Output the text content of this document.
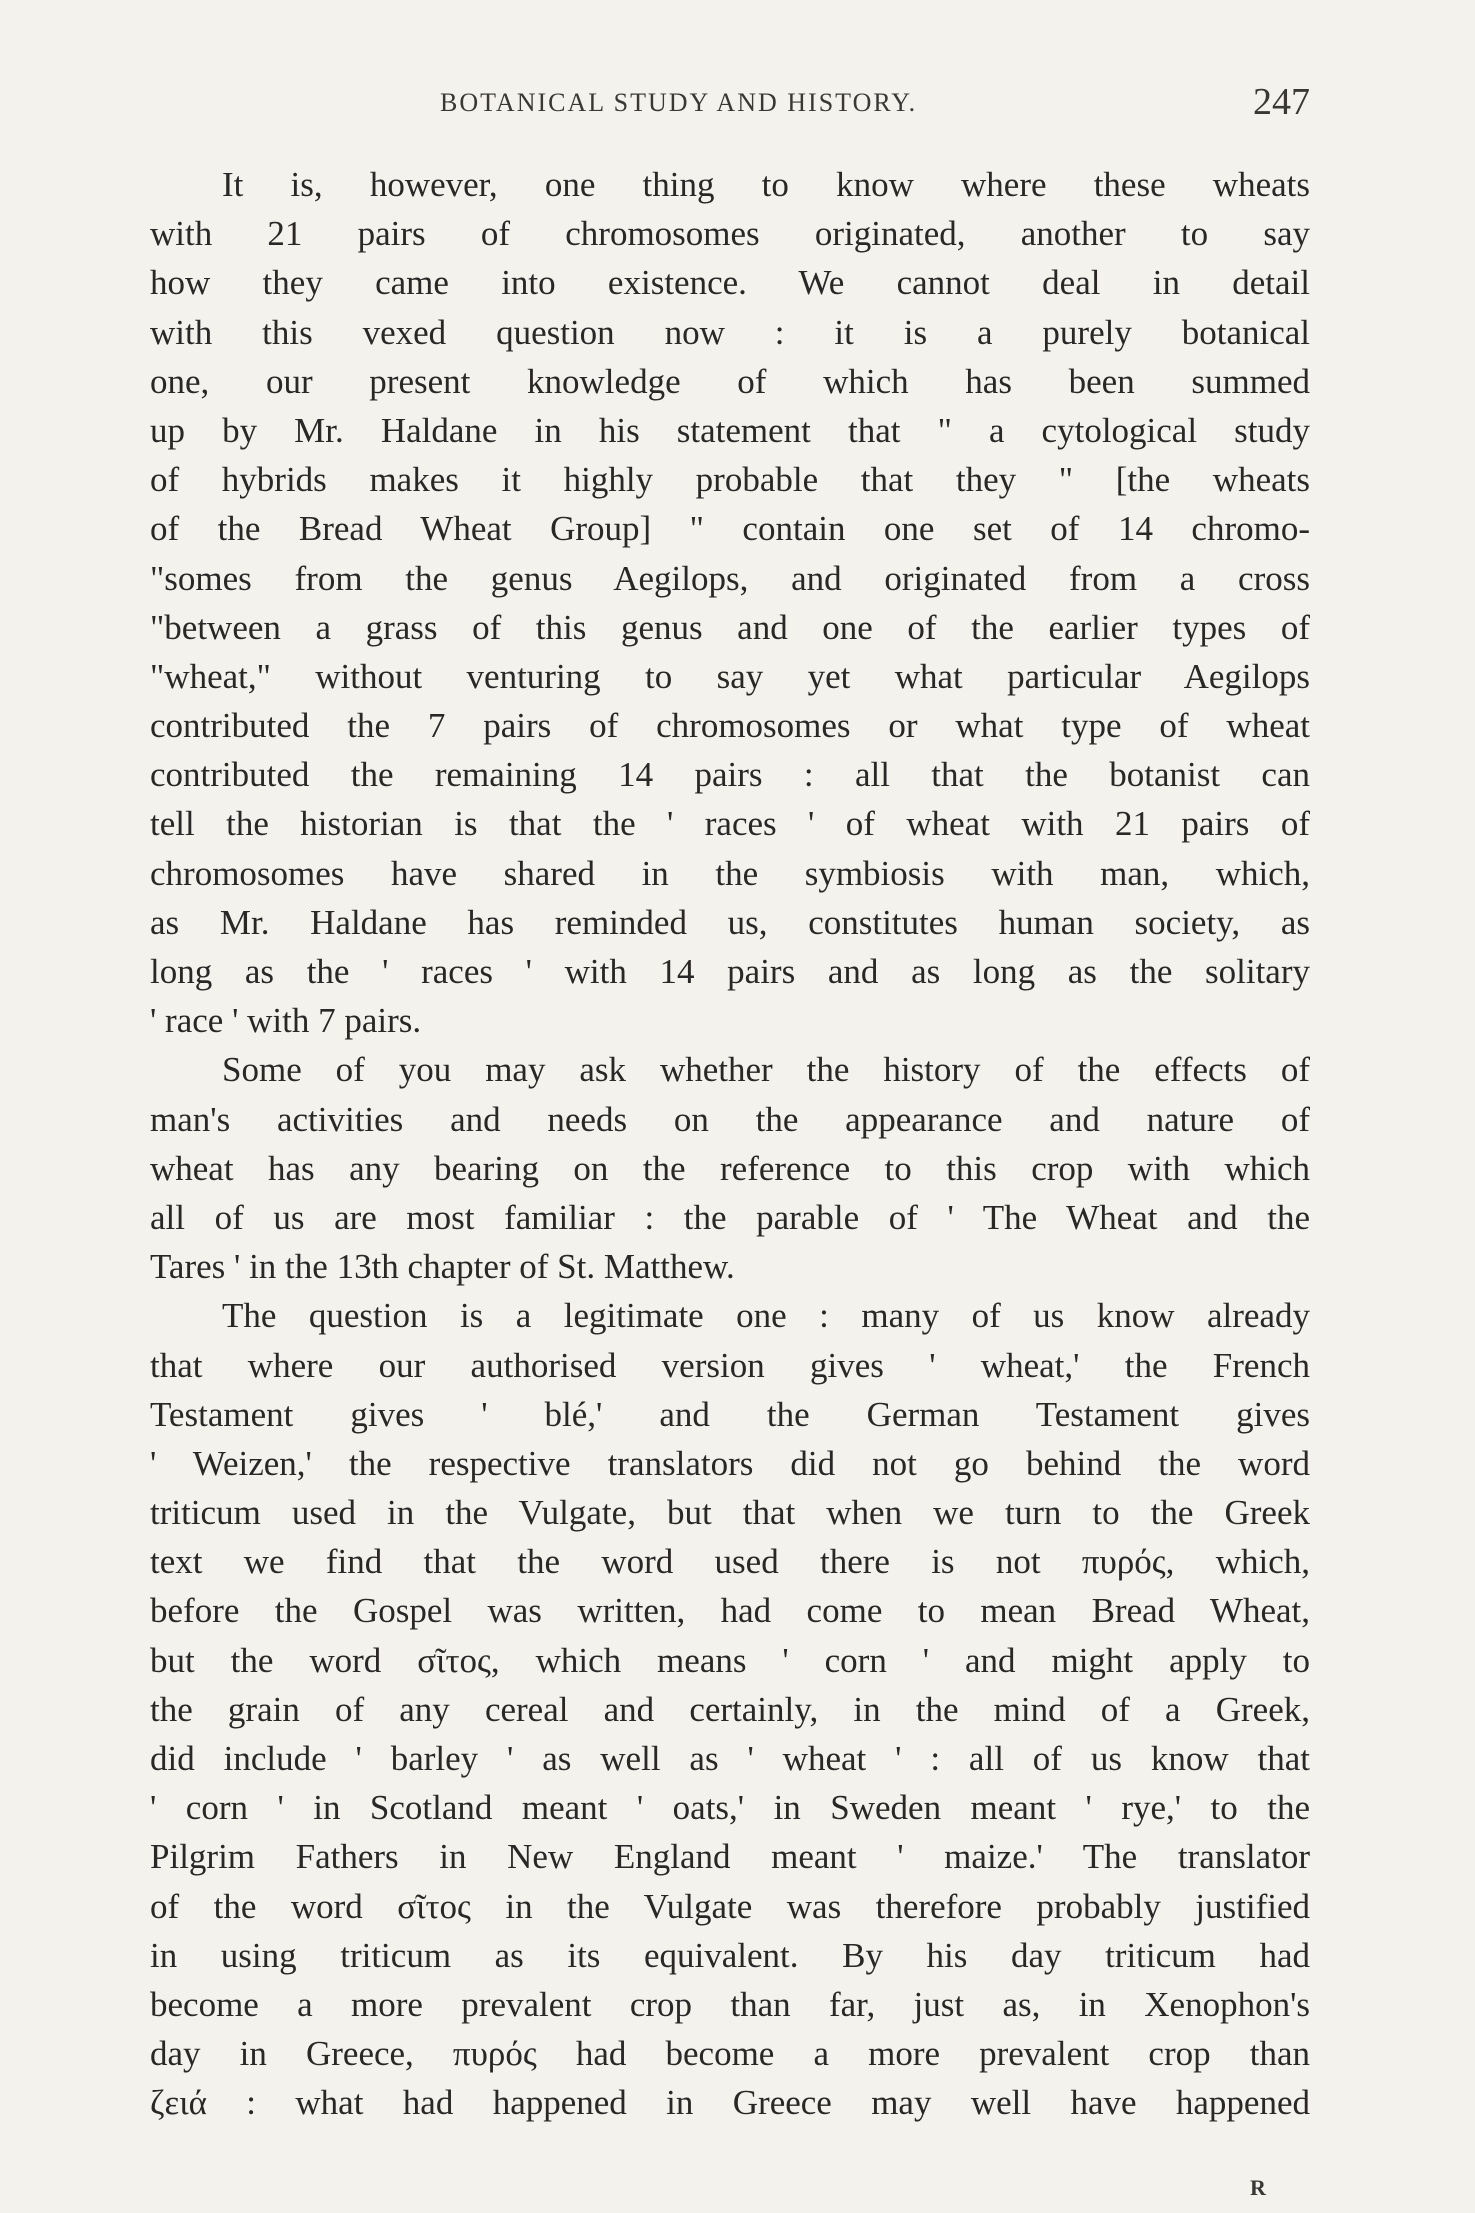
BOTANICAL STUDY AND HISTORY.	247
It is, however, one thing to know where these wheats
with 21 pairs of chromosomes originated, another to say
how they came into existence. We cannot deal in detail
with this vexed question now : it is a purely botanical
one, our present knowledge of which has been summed
up by Mr. Haldane in his statement that " a cytological study
of hybrids makes it highly probable that they " [the wheats
of the Bread Wheat Group] " contain one set of 14 chromo-
"somes from the genus Aegilops, and originated from a cross
"between a grass of this genus and one of the earlier types of
"wheat," without venturing to say yet what particular Aegilops
contributed the 7 pairs of chromosomes or what type of wheat
contributed the remaining 14 pairs : all that the botanist can
tell the historian is that the ' races ' of wheat with 21 pairs of
chromosomes have shared in the symbiosis with man, which,
as Mr. Haldane has reminded us, constitutes human society, as
long as the ' races ' with 14 pairs and as long as the solitary
' race ' with 7 pairs.
Some of you may ask whether the history of the effects of
man's activities and needs on the appearance and nature of
wheat has any bearing on the reference to this crop with which
all of us are most familiar : the parable of ' The Wheat and the
Tares ' in the 13th chapter of St. Matthew.
The question is a legitimate one : many of us know already
that where our authorised version gives ' wheat,' the French
Testament gives ' blé,' and the German Testament gives
' Weizen,' the respective translators did not go behind the word
triticum used in the Vulgate, but that when we turn to the Greek
text we find that the word used there is not πυρός, which,
before the Gospel was written, had come to mean Bread Wheat,
but the word σῖτος, which means ' corn ' and might apply to
the grain of any cereal and certainly, in the mind of a Greek,
did include ' barley ' as well as ' wheat ' : all of us know that
' corn ' in Scotland meant ' oats,' in Sweden meant ' rye,' to the
Pilgrim Fathers in New England meant ' maize.' The translator
of the word σῖτος in the Vulgate was therefore probably justified
in using triticum as its equivalent. By his day triticum had
become a more prevalent crop than far, just as, in Xenophon's
day in Greece, πυρός had become a more prevalent crop than
ζειά : what had happened in Greece may well have happened
R
